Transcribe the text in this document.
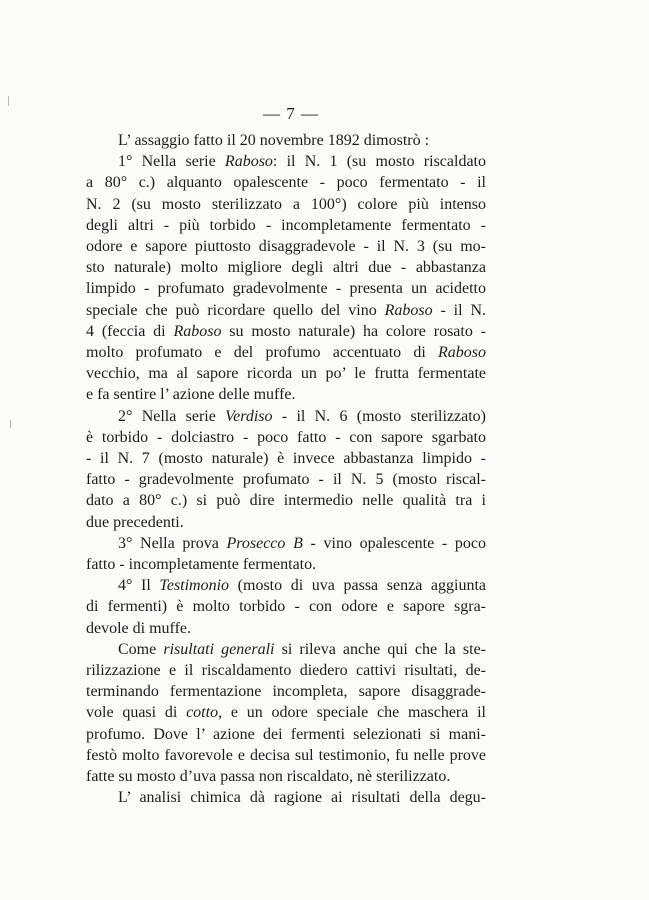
— 7 —
L’ assaggio fatto il 20 novembre 1892 dimostrò :
1° Nella serie Raboso: il N. 1 (su mosto riscaldato
a 80° c.) alquanto opalescente - poco fermentato - il
N. 2 (su mosto sterilizzato a 100°) colore più intenso
degli altri - più torbido - incompletamente fermentato -
odore e sapore piuttosto disaggradevole - il N. 3 (su mo-
sto naturale) molto migliore degli altri due - abbastanza
limpido - profumato gradevolmente - presenta un acidetto
speciale che può ricordare quello del vino Raboso - il N.
4 (feccia di Raboso su mosto naturale) ha colore rosato -
molto profumato e del profumo accentuato di Raboso
vecchio, ma al sapore ricorda un po’ le frutta fermentate
e fa sentire l’ azione delle muffe.
2° Nella serie Verdiso - il N. 6 (mosto sterilizzato)
è torbido - dolciastro - poco fatto - con sapore sgarbato
- il N. 7 (mosto naturale) è invece abbastanza limpido -
fatto - gradevolmente profumato - il N. 5 (mosto riscal-
dato a 80° c.) si può dire intermedio nelle qualità tra i
due precedenti.
3° Nella prova Prosecco B - vino opalescente - poco
fatto - incompletamente fermentato.
4° Il Testimonio (mosto di uva passa senza aggiunta
di fermenti) è molto torbido - con odore e sapore sgra-
devole di muffe.
Come risultati generali si rileva anche qui che la ste-
rilizzazione e il riscaldamento diedero cattivi risultati, de-
terminando fermentazione incompleta, sapore disaggrade-
vole quasi di cotto, e un odore speciale che maschera il
profumo. Dove l’ azione dei fermenti selezionati si mani-
festò molto favorevole e decisa sul testimonio, fu nelle prove
fatte su mosto d’uva passa non riscaldato, nè sterilizzato.
L’ analisi chimica dà ragione ai risultati della degu-
